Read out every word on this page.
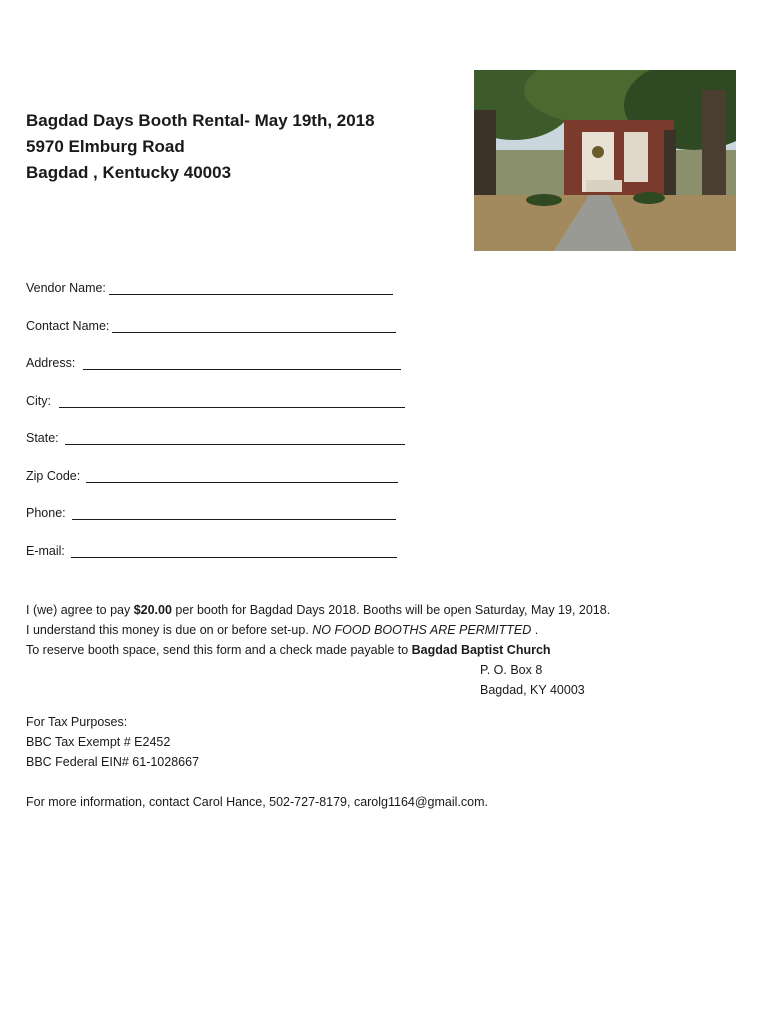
Bagdad Days Booth Rental- May 19th, 2018
5970 Elmburg Road
Bagdad , Kentucky 40003
Vendor Name:
Contact Name:
Address:
City:
State:
Zip Code:
Phone:
E-mail:

I (we) agree to pay $20.00 per booth for Bagdad Days 2018. Booths will be open Saturday, May 19, 2018.

I understand this money is due on or before set-up. NO FOOD BOOTHS ARE PERMITTED .

To reserve booth space, send this form and a check made payable to Bagdad Baptist Church

P. O. Box 8

Bagdad, KY 40003

For Tax Purposes:

BBC Tax Exempt # E2452

BBC Federal EIN# 61-1028667

For more information, contact Carol Hance, 502-727-8179, carolg1164@gmail.com.
